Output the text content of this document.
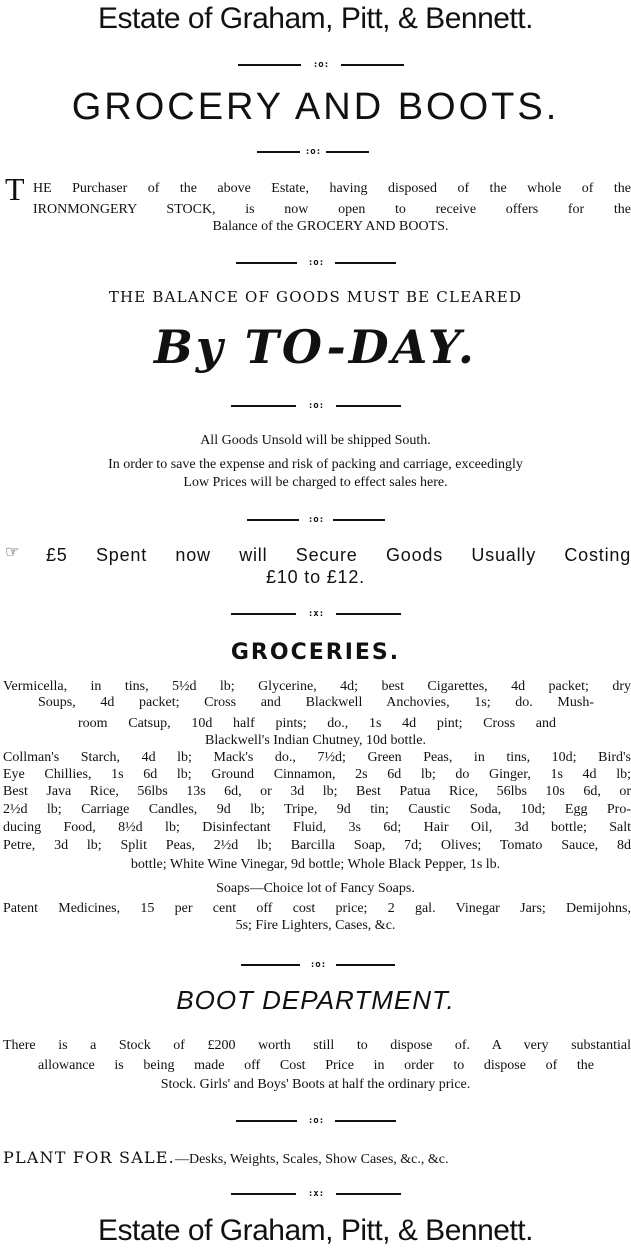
Estate of Graham, Pitt, & Bennett.
:o:
GROCERY AND BOOTS.
:o:
T HE Purchaser of the above Estate, having disposed of the whole of the
IRONMONGERY STOCK, is now open to receive offers for the
Balance of the GROCERY AND BOOTS.
:o:
THE BALANCE OF GOODS MUST BE CLEARED
By TO-DAY.
:o:
All Goods Unsold will be shipped South.
In order to save the expense and risk of packing and carriage, exceedingly
Low Prices will be charged to effect sales here.
:o:
☞ £5 Spent now will Secure Goods Usually Costing
£10 to £12.
:x:
GROCERIES.
Vermicella, in tins, 5½d lb; Glycerine, 4d; best Cigarettes, 4d packet; dry
Soups, 4d packet; Cross and Blackwell Anchovies, 1s; do. Mush-
room Catsup, 10d half pints; do., 1s 4d pint; Cross and
Blackwell's Indian Chutney, 10d bottle.
Collman's Starch, 4d lb; Mack's do., 7½d; Green Peas, in tins, 10d; Bird's
Eye Chillies, 1s 6d lb; Ground Cinnamon, 2s 6d lb; do Ginger, 1s 4d lb;
Best Java Rice, 56lbs 13s 6d, or 3d lb; Best Patua Rice, 56lbs 10s 6d, or
2½d lb; Carriage Candles, 9d lb; Tripe, 9d tin; Caustic Soda, 10d; Egg Pro-
ducing Food, 8½d lb; Disinfectant Fluid, 3s 6d; Hair Oil, 3d bottle; Salt
Petre, 3d lb; Split Peas, 2½d lb; Barcilla Soap, 7d; Olives; Tomato Sauce, 8d
bottle; White Wine Vinegar, 9d bottle; Whole Black Pepper, 1s lb.
Soaps—Choice lot of Fancy Soaps.
Patent Medicines, 15 per cent off cost price; 2 gal. Vinegar Jars; Demijohns,
5s; Fire Lighters, Cases, &c.
:o:
BOOT DEPARTMENT.
There is a Stock of £200 worth still to dispose of. A very substantial
allowance is being made off Cost Price in order to dispose of the
Stock. Girls' and Boys' Boots at half the ordinary price.
:o:
PLANT FOR SALE.—Desks, Weights, Scales, Show Cases, &c., &c.
:x:
Estate of Graham, Pitt, & Bennett.
